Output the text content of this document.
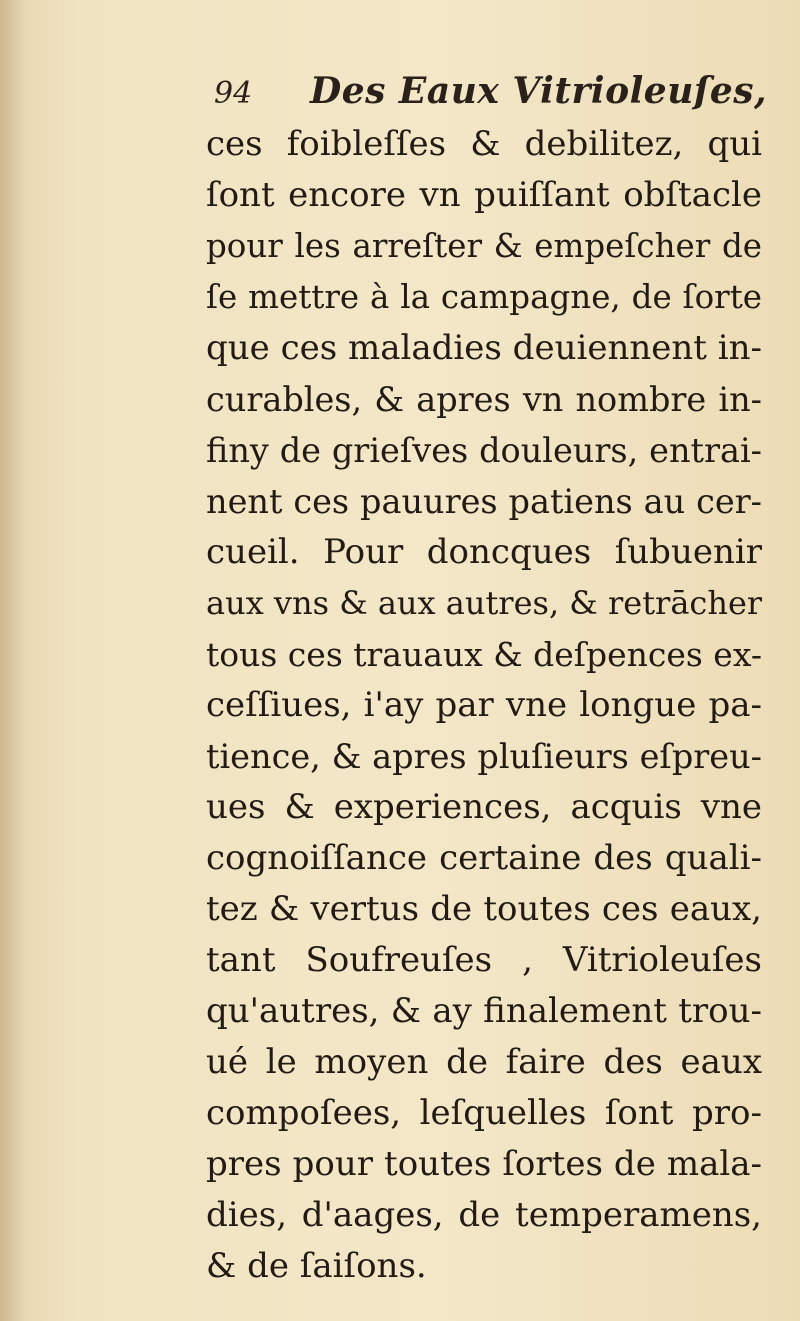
94	Des Eaux Vitrioleuſes,
ces foibleſſes & debilitez, qui
ſont encore vn puiſſant obſtacle
pour les arreſter & empeſcher de
ſe mettre à la campagne, de ſorte
que ces maladies deuiennent in-
curables, & apres vn nombre in-
finy de grieſves douleurs, entrai-
nent ces pauures patiens au cer-
cueil. Pour doncques ſubuenir
aux vns & aux autres, & retrācher
tous ces trauaux & deſpences ex-
ceſſiues, i'ay par vne longue pa-
tience, & apres pluſieurs eſpreu-
ues & experiences, acquis vne
cognoiſſance certaine des quali-
tez & vertus de toutes ces eaux,
tant Soufreuſes , Vitrioleuſes
qu'autres, & ay finalement trou-
ué le moyen de faire des eaux
compoſees, leſquelles ſont pro-
pres pour toutes ſortes de mala-
dies, d'aages, de temperamens,
& de ſaiſons.
